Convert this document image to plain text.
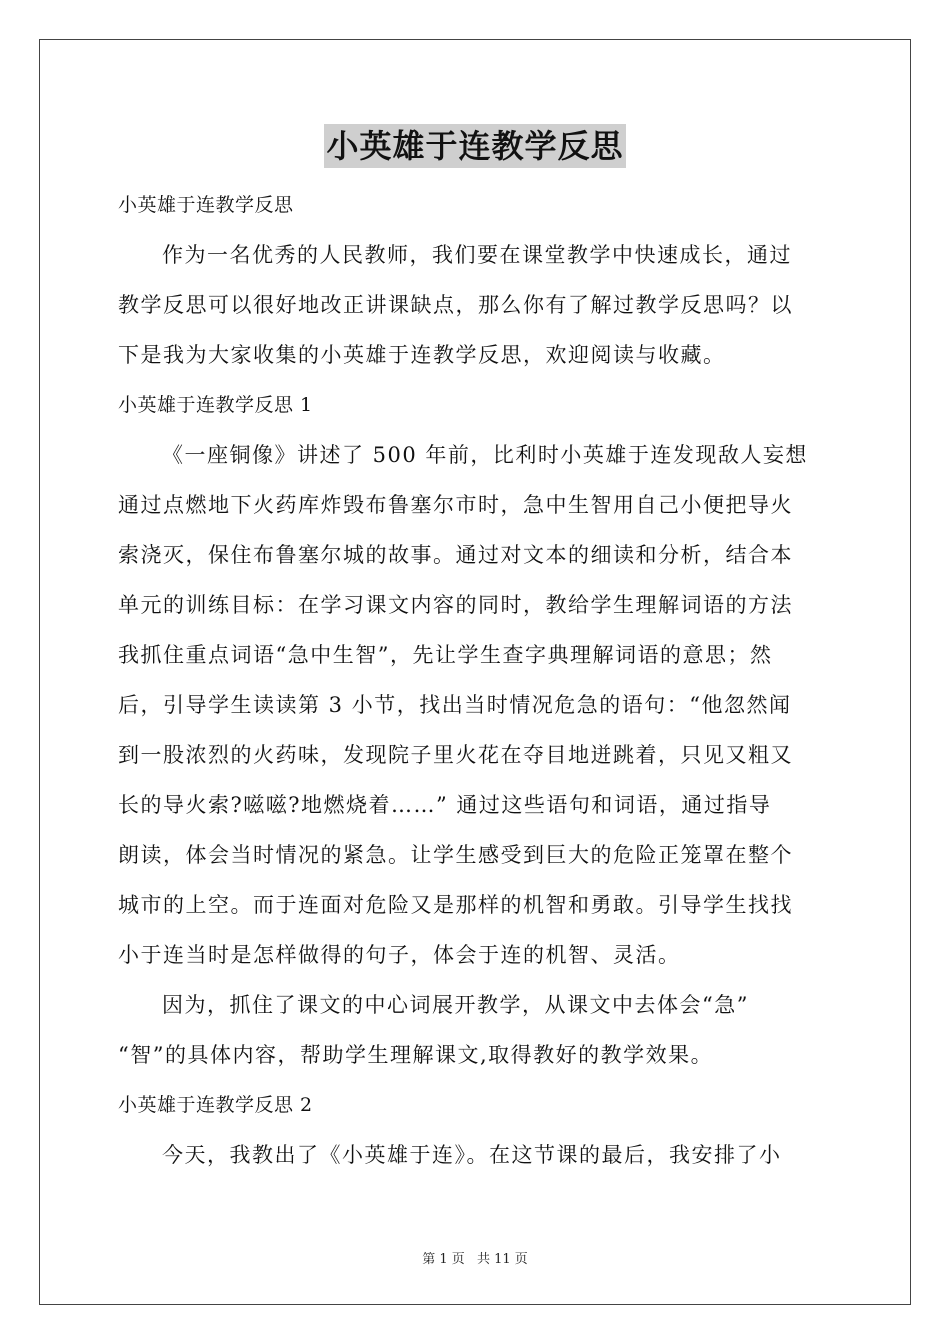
小英雄于连教学反思
小英雄于连教学反思
作为一名优秀的人民教师，我们要在课堂教学中快速成长，通过
教学反思可以很好地改正讲课缺点，那么你有了解过教学反思吗？以
下是我为大家收集的小英雄于连教学反思，欢迎阅读与收藏。
小英雄于连教学反思 1
《一座铜像》讲述了 500 年前，比利时小英雄于连发现敌人妄想
通过点燃地下火药库炸毁布鲁塞尔市时，急中生智用自己小便把导火
索浇灭，保住布鲁塞尔城的故事。通过对文本的细读和分析，结合本
单元的训练目标：在学习课文内容的同时，教给学生理解词语的方法
我抓住重点词语“急中生智”，先让学生查字典理解词语的意思；然
后，引导学生读读第 3 小节，找出当时情况危急的语句：“他忽然闻
到一股浓烈的火药味，发现院子里火花在夺目地迸跳着，只见又粗又
长的导火索?嗞嗞?地燃烧着……” 通过这些语句和词语，通过指导
朗读，体会当时情况的紧急。让学生感受到巨大的危险正笼罩在整个
城市的上空。而于连面对危险又是那样的机智和勇敢。引导学生找找
小于连当时是怎样做得的句子，体会于连的机智、灵活。
因为，抓住了课文的中心词展开教学，从课文中去体会“急”
“智”的具体内容，帮助学生理解课文,取得教好的教学效果。
小英雄于连教学反思 2
今天，我教出了《小英雄于连》。在这节课的最后，我安排了小
第 1 页 共 11 页
